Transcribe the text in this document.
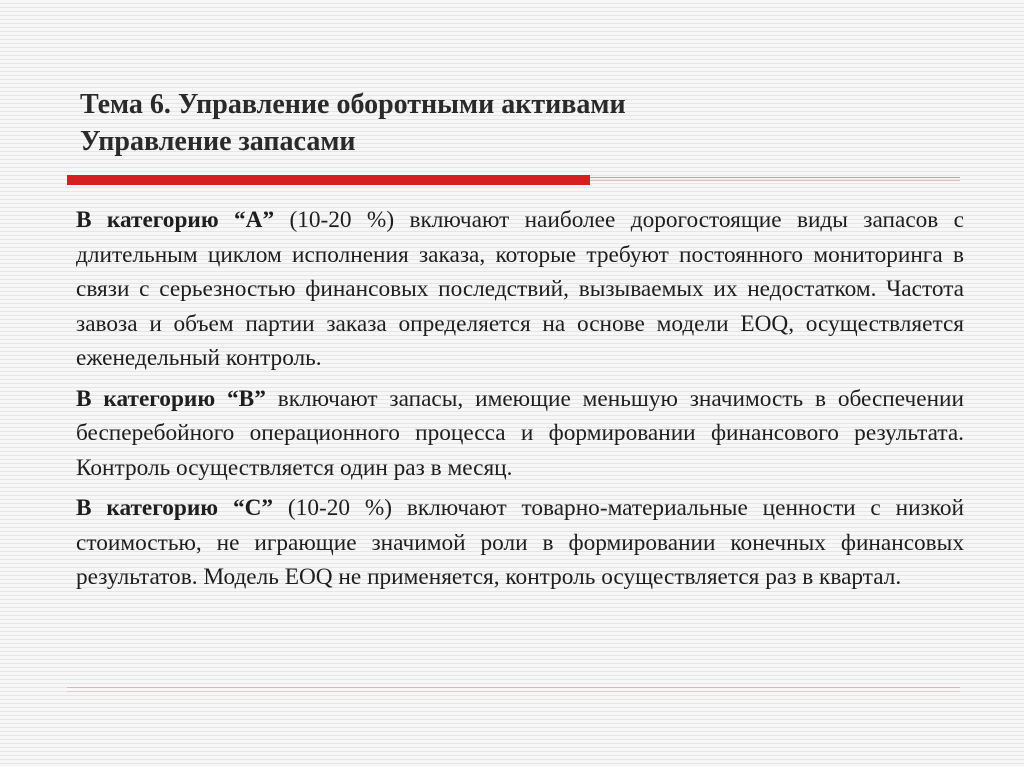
Тема 6. Управление оборотными активами
Управление запасами

В категорию “A” (10-20 %) включают наиболее дорогостоящие виды запасов с длительным циклом исполнения заказа, которые требуют постоянного мониторинга в связи с серьезностью финансовых последствий, вызываемых их недостатком. Частота завоза и объем партии заказа определяется на основе модели EOQ, осуществляется еженедельный контроль.

В категорию “B” включают запасы, имеющие меньшую значимость в обеспечении бесперебойного операционного процесса и формировании финансового результата. Контроль осуществляется один раз в месяц.

В категорию “C” (10-20 %) включают товарно-материальные ценности с низкой стоимостью, не играющие значимой роли в формировании конечных финансовых результатов. Модель EOQ не применяется, контроль осуществляется раз в квартал.
